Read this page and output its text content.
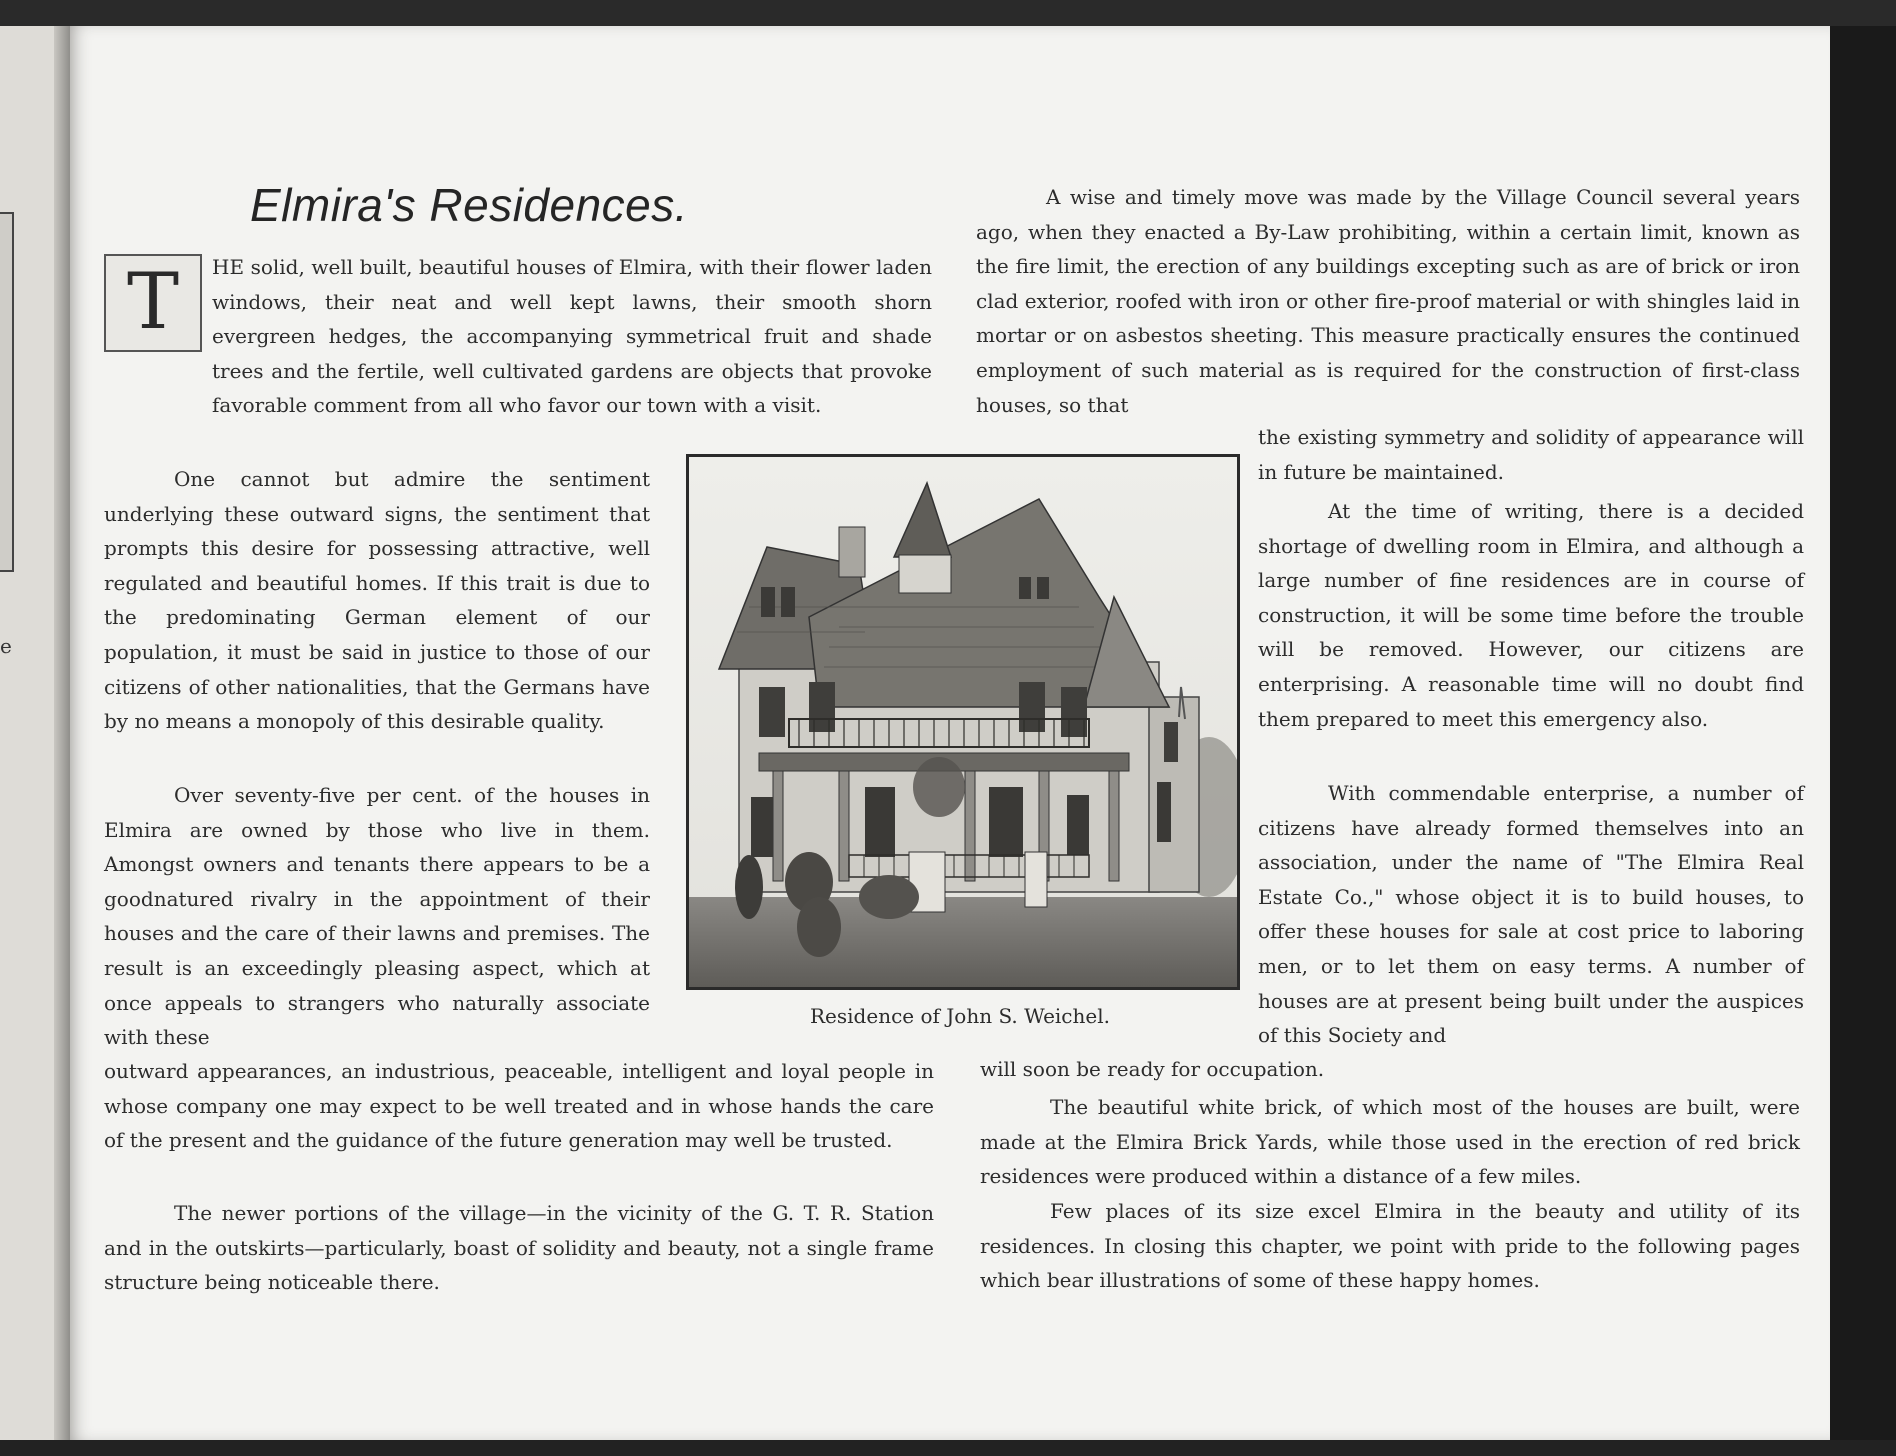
e
Elmira's Residences.
T	HE solid, well built, beautiful houses of Elmira, with their flower laden windows, their neat and well kept lawns, their smooth shorn evergreen hedges, the accompanying symmetrical fruit and shade trees and the fertile, well cultivated gardens are objects that provoke favorable comment from all who favor our town with a visit.

One cannot but admire the sentiment underlying these outward signs, the sentiment that prompts this desire for possessing attractive, well regulated and beautiful homes. If this trait is due to the predominating German element of our population, it must be said in justice to those of our citizens of other nationalities, that the Germans have by no means a monopoly of this desirable quality.

Over seventy-five per cent. of the houses in Elmira are owned by those who live in them. Amongst owners and tenants there appears to be a goodnatured rivalry in the appointment of their houses and the care of their lawns and premises. The result is an exceedingly pleasing aspect, which at once appeals to strangers who naturally associate with these

outward appearances, an industrious, peaceable, intelligent and loyal people in whose company one may expect to be well treated and in whose hands the care of the present and the guidance of the future generation may well be trusted.

The newer portions of the village—in the vicinity of the G. T. R. Station and in the outskirts—particularly, boast of solidity and beauty, not a single frame structure being noticeable there.

A wise and timely move was made by the Village Council several years ago, when they enacted a By-Law prohibiting, within a certain limit, known as the fire limit, the erection of any buildings excepting such as are of brick or iron clad exterior, roofed with iron or other fire-proof material or with shingles laid in mortar or on asbestos sheeting. This measure practically ensures the continued employment of such material as is required for the construction of first-class houses, so that

the existing symmetry and solidity of appearance will in future be maintained.

At the time of writing, there is a decided shortage of dwelling room in Elmira, and although a large number of fine residences are in course of construction, it will be some time before the trouble will be removed. However, our citizens are enterprising. A reasonable time will no doubt find them prepared to meet this emergency also.

With commendable enterprise, a number of citizens have already formed themselves into an association, under the name of "The Elmira Real Estate Co.," whose object it is to build houses, to offer these houses for sale at cost price to laboring men, or to let them on easy terms. A number of houses are at present being built under the auspices of this Society and

will soon be ready for occupation.

The beautiful white brick, of which most of the houses are built, were made at the Elmira Brick Yards, while those used in the erection of red brick residences were produced within a distance of a few miles.

Few places of its size excel Elmira in the beauty and utility of its residences. In closing this chapter, we point with pride to the following pages which bear illustrations of some of these happy homes.

Residence of John S. Weichel.
